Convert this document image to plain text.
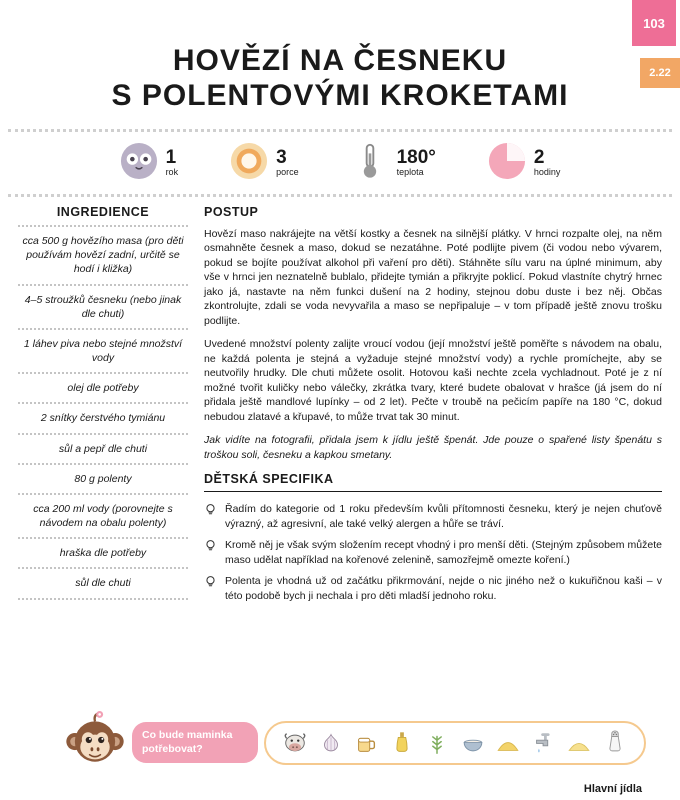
103
2.22
HOVĚZÍ NA ČESNEKU
S POLENTOVÝMI KROKETAMI
1
rok
3
porce
180°
teplota
2
hodiny
INGREDIENCE
cca 500 g hovězího masa (pro děti používám hovězí zadní, určitě se hodí i kližka)
4–5 stroužků česneku (nebo jinak dle chuti)
1 láhev piva nebo stejné množství vody
olej dle potřeby
2 snítky čerstvého tymiánu
sůl a pepř dle chuti
80 g polenty
cca 200 ml vody (porovnejte s návodem na obalu polenty)
hraška dle potřeby
sůl dle chuti
POSTUP

Hovězí maso nakrájejte na větší kostky a česnek na silnější plátky. V hrnci rozpalte olej, na něm osmahněte česnek a maso, dokud se nezatáhne. Poté podlijte pivem (či vodou nebo vývarem, pokud se bojíte používat alkohol při vaření pro děti). Stáhněte sílu varu na úplné minimum, aby vše v hrnci jen neznatelně bublalo, přidejte tymián a přikryjte poklicí. Pokud vlastníte chytrý hrnec jako já, nastavte na něm funkci dušení na 2 hodiny, stejnou dobu duste i bez něj. Občas zkontrolujte, zdali se voda nevyvařila a maso se nepřipaluje – v tom případě ještě znovu trošku podlijte.

Uvedené množství polenty zalijte vroucí vodou (její množství ještě poměřte s návodem na obalu, ne každá polenta je stejná a vyžaduje stejné množství vody) a rychle promíchejte, aby se neutvořily hrudky. Dle chuti můžete osolit. Hotovou kaši nechte zcela vychladnout. Poté je z ní možné tvořit kuličky nebo válečky, zkrátka tvary, které budete obalovat v hrašce (já jsem do ní přidala ještě mandlové lupínky – od 2 let). Pečte v troubě na pečicím papíře na 180 °C, dokud nebudou zlatavé a křupavé, to může trvat tak 30 minut.

Jak vidíte na fotografii, přidala jsem k jídlu ještě špenát. Jde pouze o spařené listy špenátu s troškou soli, česneku a kapkou smetany.

DĚTSKÁ SPECIFIKA

Řadím do kategorie od 1 roku především kvůli přítomnosti česneku, který je nejen chuťově výrazný, až agresivní, ale také velký alergen a hůře se tráví.

Kromě něj je však svým složením recept vhodný i pro menší děti. (Stejným způsobem můžete maso udělat například na kořenové zelenině, samozřejmě omezte koření.)

Polenta je vhodná už od začátku přikrmování, nejde o nic jiného než o kukuřičnou kaši – v této podobě bych ji nechala i pro děti mladší jednoho roku.

Co bude maminka potřebovat?
Hlavní jídla
